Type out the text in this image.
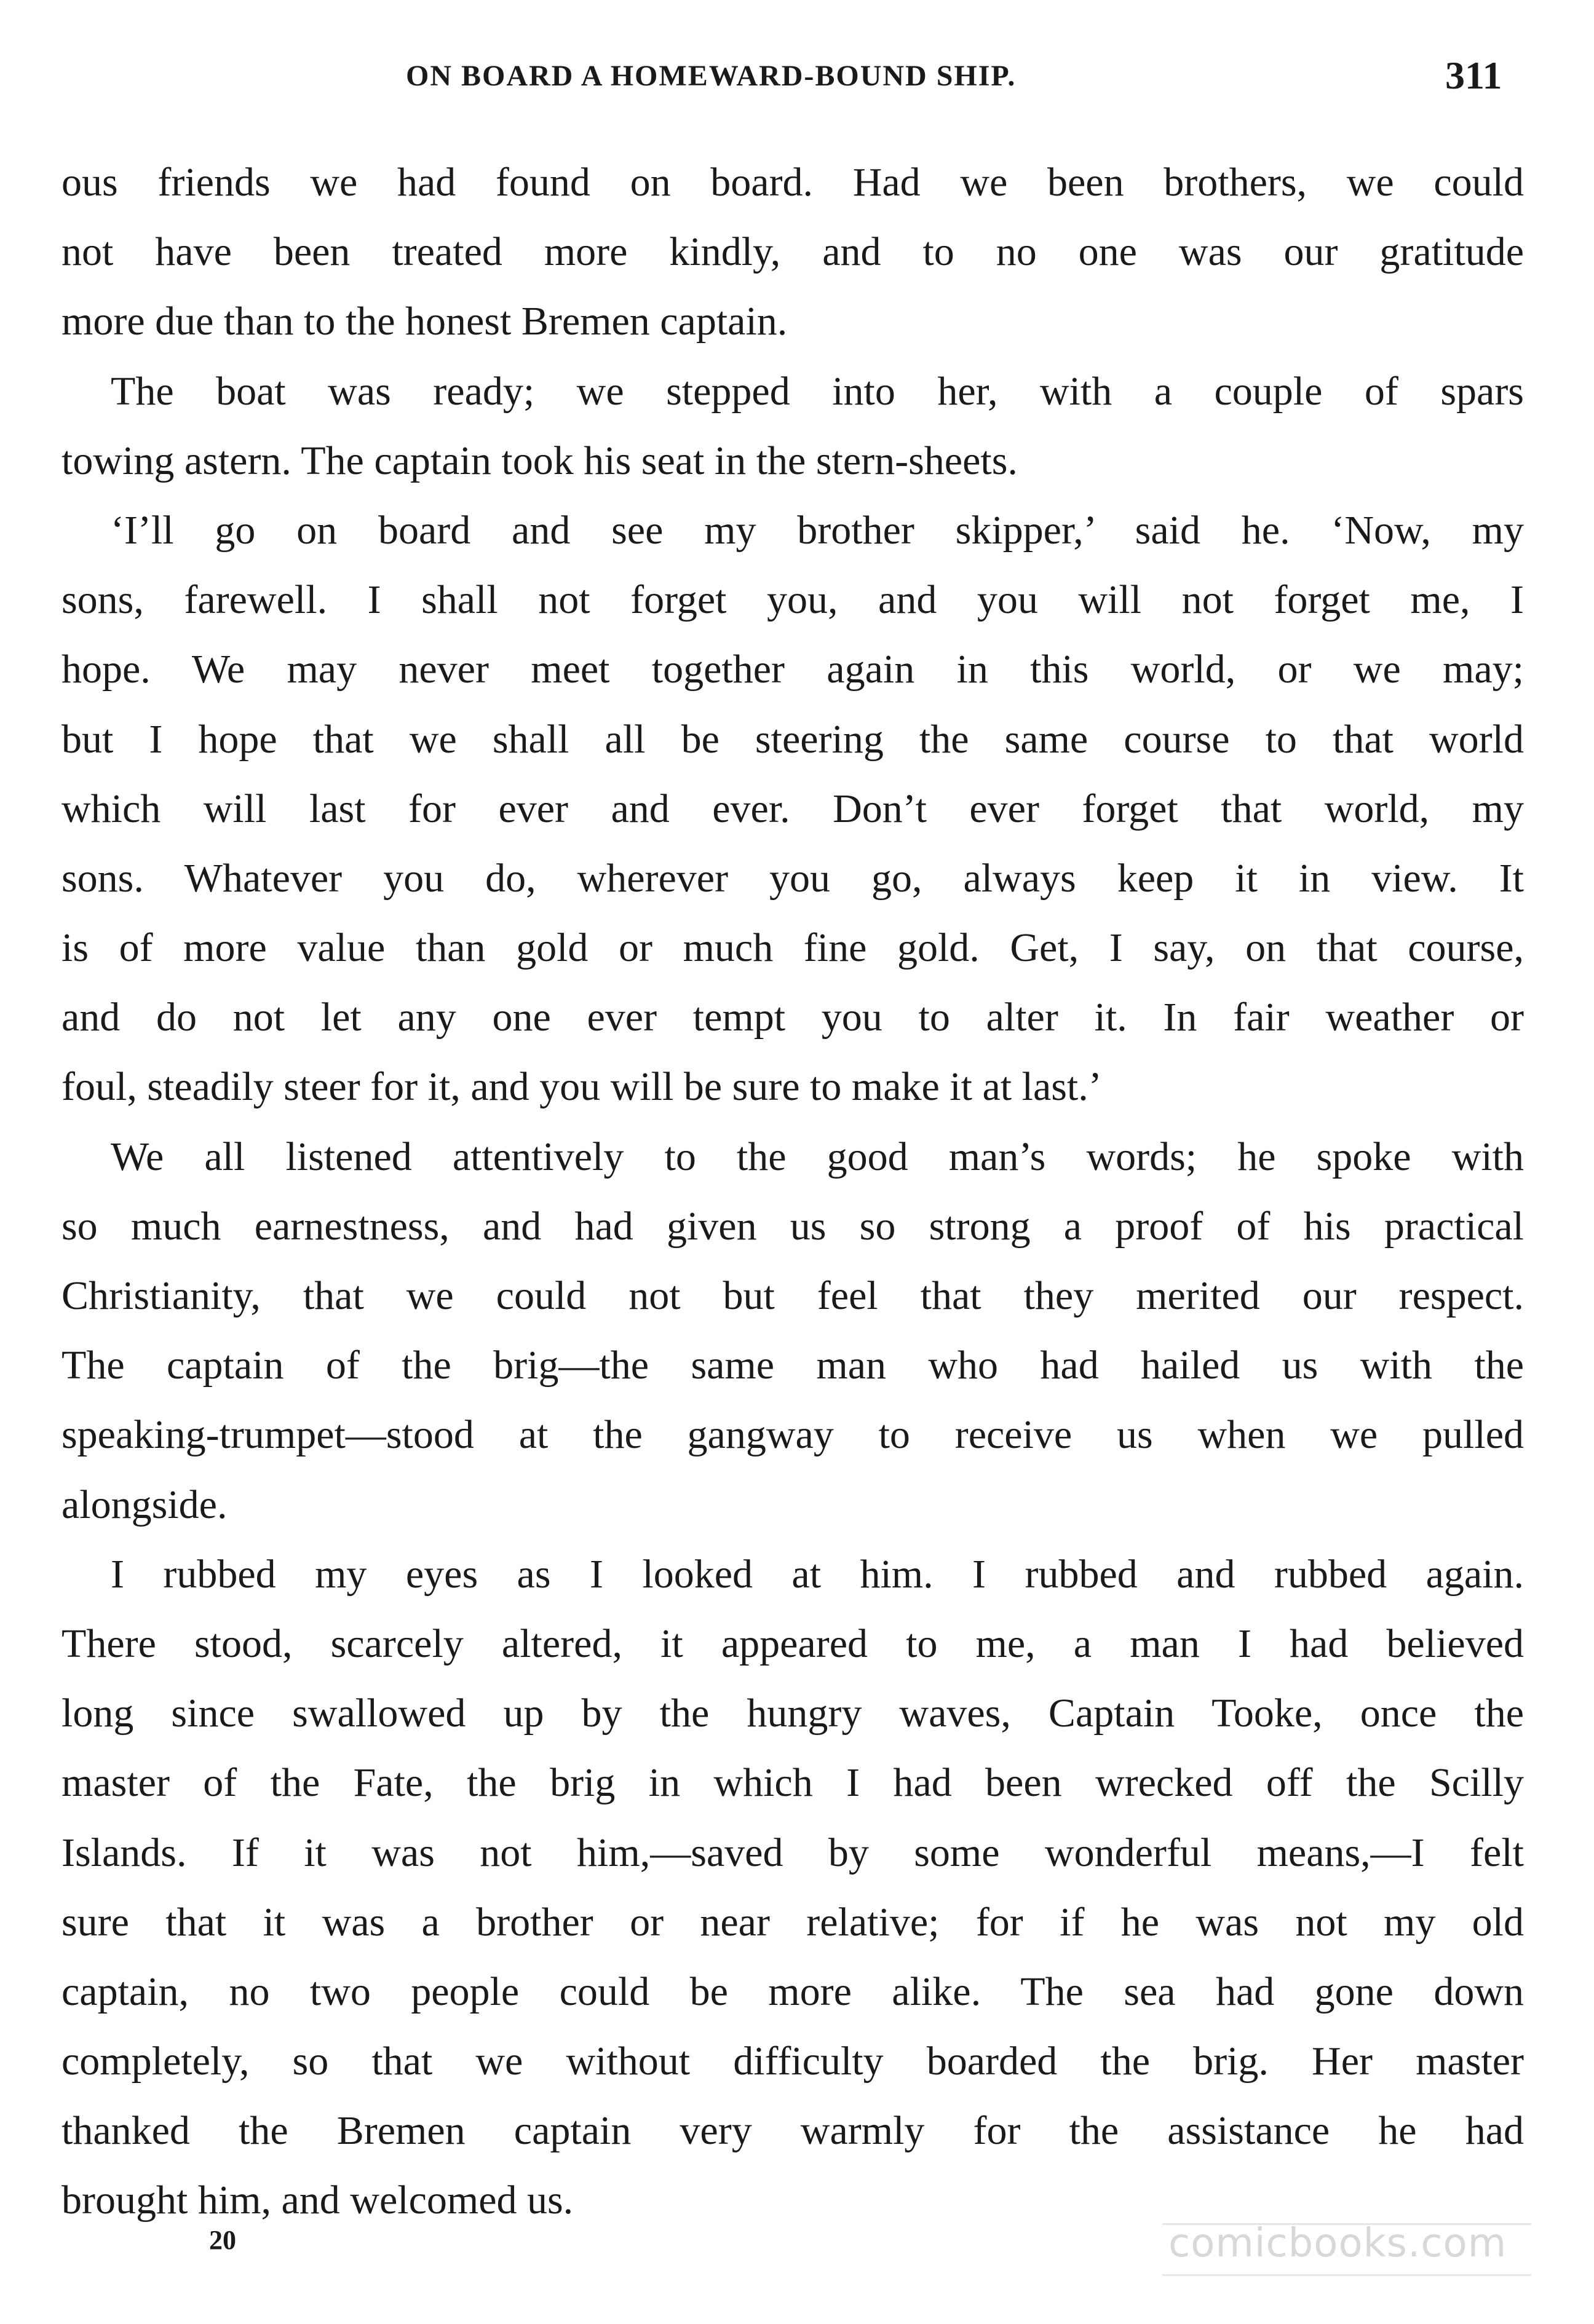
ON BOARD A HOMEWARD-BOUND SHIP.	311
ous friends we had found on board. Had we been brothers, we could
not have been treated more kindly, and to no one was our gratitude
more due than to the honest Bremen captain.
The boat was ready; we stepped into her, with a couple of spars
towing astern. The captain took his seat in the stern-sheets.
‘I’ll go on board and see my brother skipper,’ said he. ‘Now, my
sons, farewell. I shall not forget you, and you will not forget me, I
hope. We may never meet together again in this world, or we may;
but I hope that we shall all be steering the same course to that world
which will last for ever and ever. Don’t ever forget that world, my
sons. Whatever you do, wherever you go, always keep it in view. It
is of more value than gold or much fine gold. Get, I say, on that course,
and do not let any one ever tempt you to alter it. In fair weather or
foul, steadily steer for it, and you will be sure to make it at last.’
We all listened attentively to the good man’s words; he spoke with
so much earnestness, and had given us so strong a proof of his practical
Christianity, that we could not but feel that they merited our respect.
The captain of the brig—the same man who had hailed us with the
speaking-trumpet—stood at the gangway to receive us when we pulled
alongside.
I rubbed my eyes as I looked at him. I rubbed and rubbed again.
There stood, scarcely altered, it appeared to me, a man I had believed
long since swallowed up by the hungry waves, Captain Tooke, once the
master of the Fate, the brig in which I had been wrecked off the Scilly
Islands. If it was not him,—saved by some wonderful means,—I felt
sure that it was a brother or near relative; for if he was not my old
captain, no two people could be more alike. The sea had gone down
completely, so that we without difficulty boarded the brig. Her master
thanked the Bremen captain very warmly for the assistance he had
brought him, and welcomed us.
20	comicbooks.com
